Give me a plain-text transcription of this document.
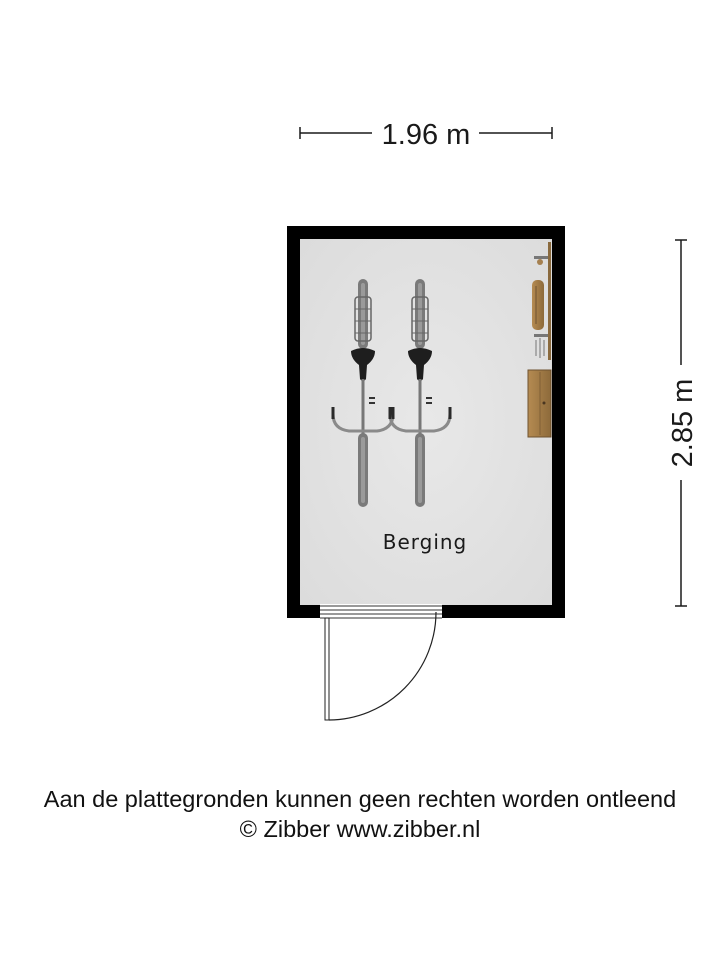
1.96 m
2.85 m
Berging
Aan de plattegronden kunnen geen rechten worden ontleend
© Zibber www.zibber.nl
